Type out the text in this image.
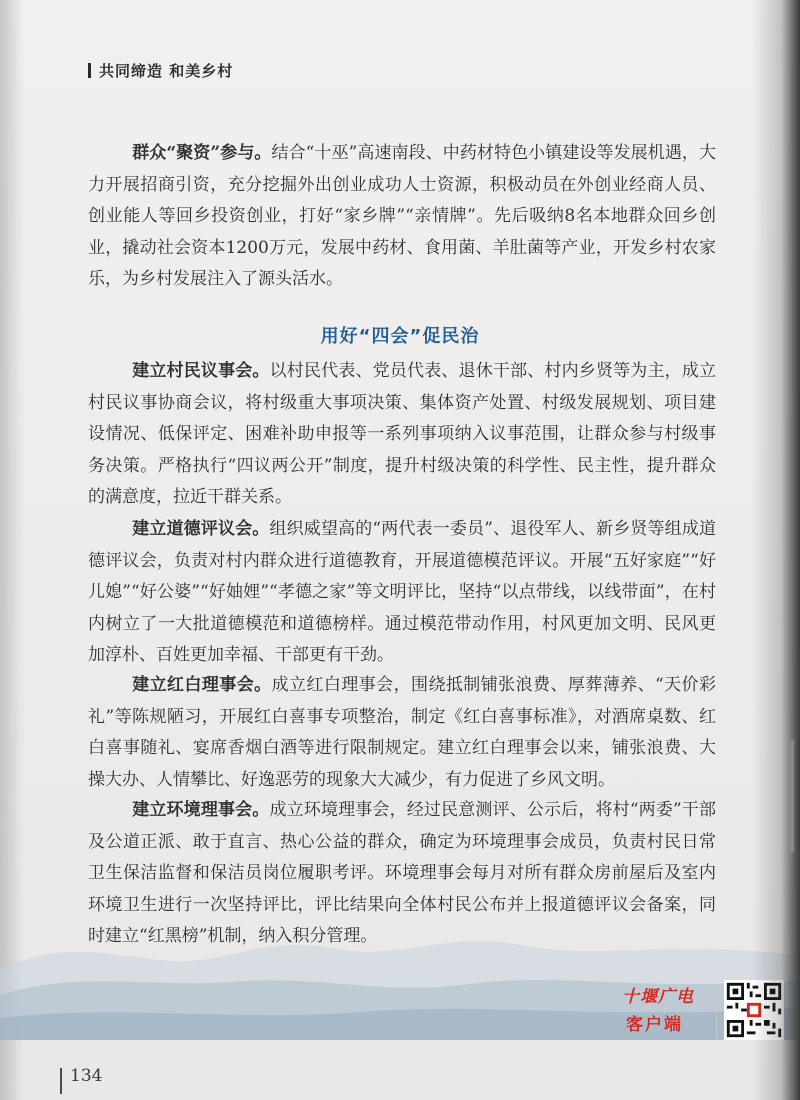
共同缔造 和美乡村

群众“聚资”参与。结合“十巫”高速南段、中药材特色小镇建设等发展机遇，大力开展招商引资，充分挖掘外出创业成功人士资源，积极动员在外创业经商人员、创业能人等回乡投资创业，打好“家乡牌”“亲情牌”。先后吸纳8名本地群众回乡创业，撬动社会资本1200万元，发展中药材、食用菌、羊肚菌等产业，开发乡村农家乐，为乡村发展注入了源头活水。

用好“四会”促民治

建立村民议事会。以村民代表、党员代表、退休干部、村内乡贤等为主，成立村民议事协商会议，将村级重大事项决策、集体资产处置、村级发展规划、项目建设情况、低保评定、困难补助申报等一系列事项纳入议事范围，让群众参与村级事务决策。严格执行“四议两公开”制度，提升村级决策的科学性、民主性，提升群众的满意度，拉近干群关系。

建立道德评议会。组织威望高的“两代表一委员”、退役军人、新乡贤等组成道德评议会，负责对村内群众进行道德教育，开展道德模范评议。开展“五好家庭”“好儿媳”“好公婆”“好妯娌”“孝德之家”等文明评比，坚持“以点带线，以线带面”，在村内树立了一大批道德模范和道德榜样。通过模范带动作用，村风更加文明、民风更加淳朴、百姓更加幸福、干部更有干劲。

建立红白理事会。成立红白理事会，围绕抵制铺张浪费、厚葬薄养、“天价彩礼”等陈规陋习，开展红白喜事专项整治，制定《红白喜事标准》，对酒席桌数、红白喜事随礼、宴席香烟白酒等进行限制规定。建立红白理事会以来，铺张浪费、大操大办、人情攀比、好逸恶劳的现象大大减少，有力促进了乡风文明。

建立环境理事会。成立环境理事会，经过民意测评、公示后，将村“两委”干部及公道正派、敢于直言、热心公益的群众，确定为环境理事会成员，负责村民日常卫生保洁监督和保洁员岗位履职考评。环境理事会每月对所有群众房前屋后及室内环境卫生进行一次坚持评比，评比结果向全体村民公布并上报道德评议会备案，同时建立“红黑榜”机制，纳入积分管理。

134
十堰广电
客户端
